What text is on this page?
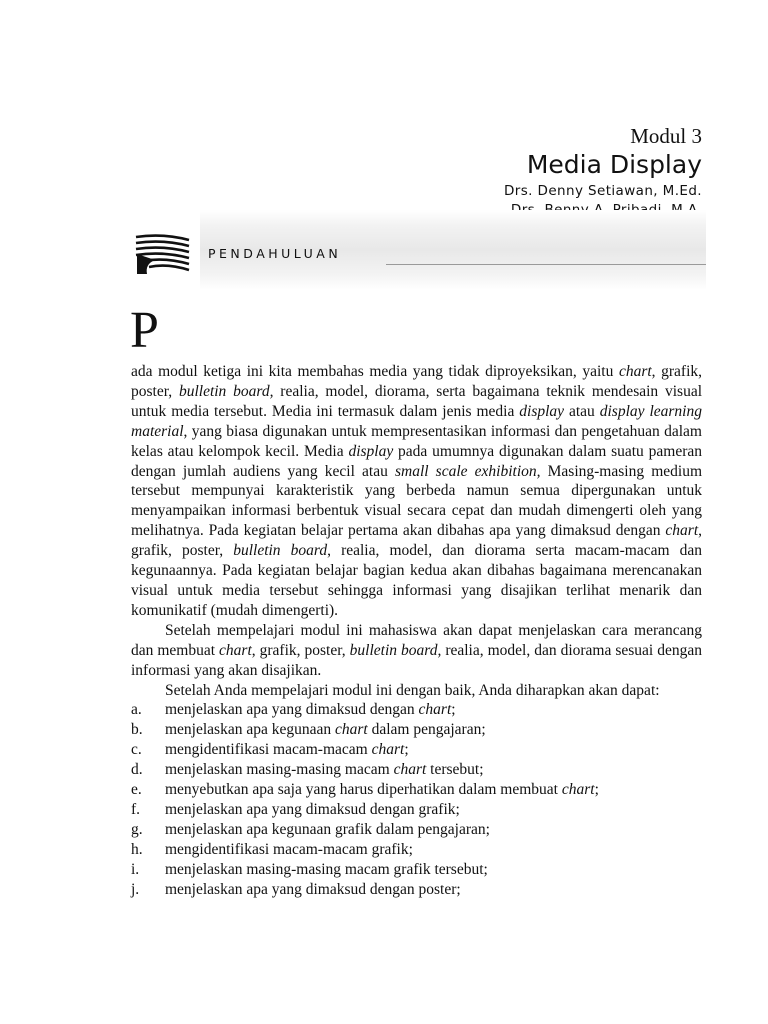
Modul 3
Media Display
Drs. Denny Setiawan, M.Ed.
PENDAHULUAN
P

ada modul ketiga ini kita membahas media yang tidak diproyeksikan, yaitu chart, grafik, poster, bulletin board, realia, model, diorama, serta bagaimana teknik mendesain visual untuk media tersebut. Media ini termasuk dalam jenis media display atau display learning material, yang biasa digunakan untuk mempresentasikan informasi dan pengetahuan dalam kelas atau kelompok kecil. Media display pada umumnya digunakan dalam suatu pameran dengan jumlah audiens yang kecil atau small scale exhibition, Masing-masing medium tersebut mempunyai karakteristik yang berbeda namun semua dipergunakan untuk menyampaikan informasi berbentuk visual secara cepat dan mudah dimengerti oleh yang melihatnya. Pada kegiatan belajar pertama akan dibahas apa yang dimaksud dengan chart, grafik, poster, bulletin board, realia, model, dan diorama serta macam-macam dan kegunaannya. Pada kegiatan belajar bagian kedua akan dibahas bagaimana merencanakan visual untuk media tersebut sehingga informasi yang disajikan terlihat menarik dan komunikatif (mudah dimengerti).

Setelah mempelajari modul ini mahasiswa akan dapat menjelaskan cara merancang dan membuat chart, grafik, poster, bulletin board, realia, model, dan diorama sesuai dengan informasi yang akan disajikan.

Setelah Anda mempelajari modul ini dengan baik, Anda diharapkan akan dapat:

a. menjelaskan apa yang dimaksud dengan chart;
b. menjelaskan apa kegunaan chart dalam pengajaran;
c. mengidentifikasi macam-macam chart;
d. menjelaskan masing-masing macam chart tersebut;
e. menyebutkan apa saja yang harus diperhatikan dalam membuat chart;
f. menjelaskan apa yang dimaksud dengan grafik;
g. menjelaskan apa kegunaan grafik dalam pengajaran;
h. mengidentifikasi macam-macam grafik;
i. menjelaskan masing-masing macam grafik tersebut;
j. menjelaskan apa yang dimaksud dengan poster;
